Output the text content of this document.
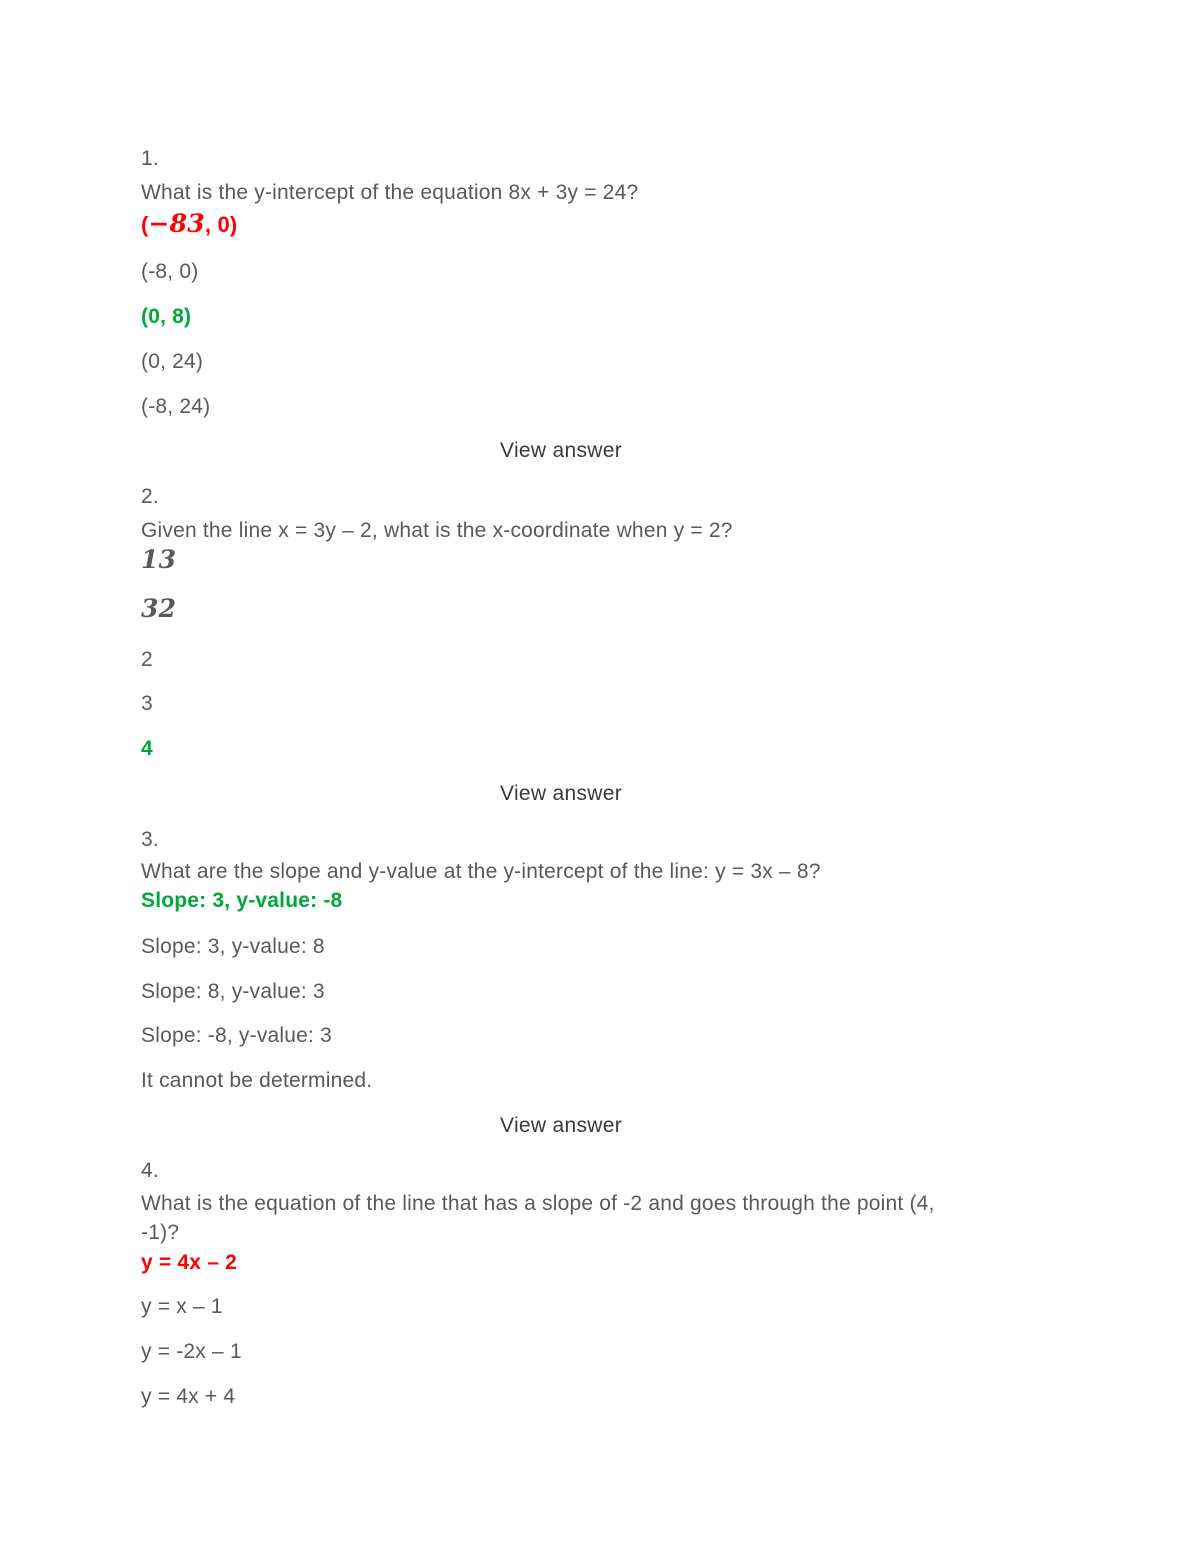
1.
What is the y-intercept of the equation 8x + 3y = 24?
(−83, 0)
(-8, 0)
(0, 8)
(0, 24)
(-8, 24)
View answer
2.
Given the line x = 3y – 2, what is the x-coordinate when y = 2?
13
32
2
3
4
View answer
3.
What are the slope and y-value at the y-intercept of the line: y = 3x – 8?
Slope: 3, y-value: -8
Slope: 3, y-value: 8
Slope: 8, y-value: 3
Slope: -8, y-value: 3
It cannot be determined.
View answer
4.
What is the equation of the line that has a slope of -2 and goes through the point (4,
-1)?
y = 4x – 2
y = x – 1
y = -2x – 1
y = 4x + 4
